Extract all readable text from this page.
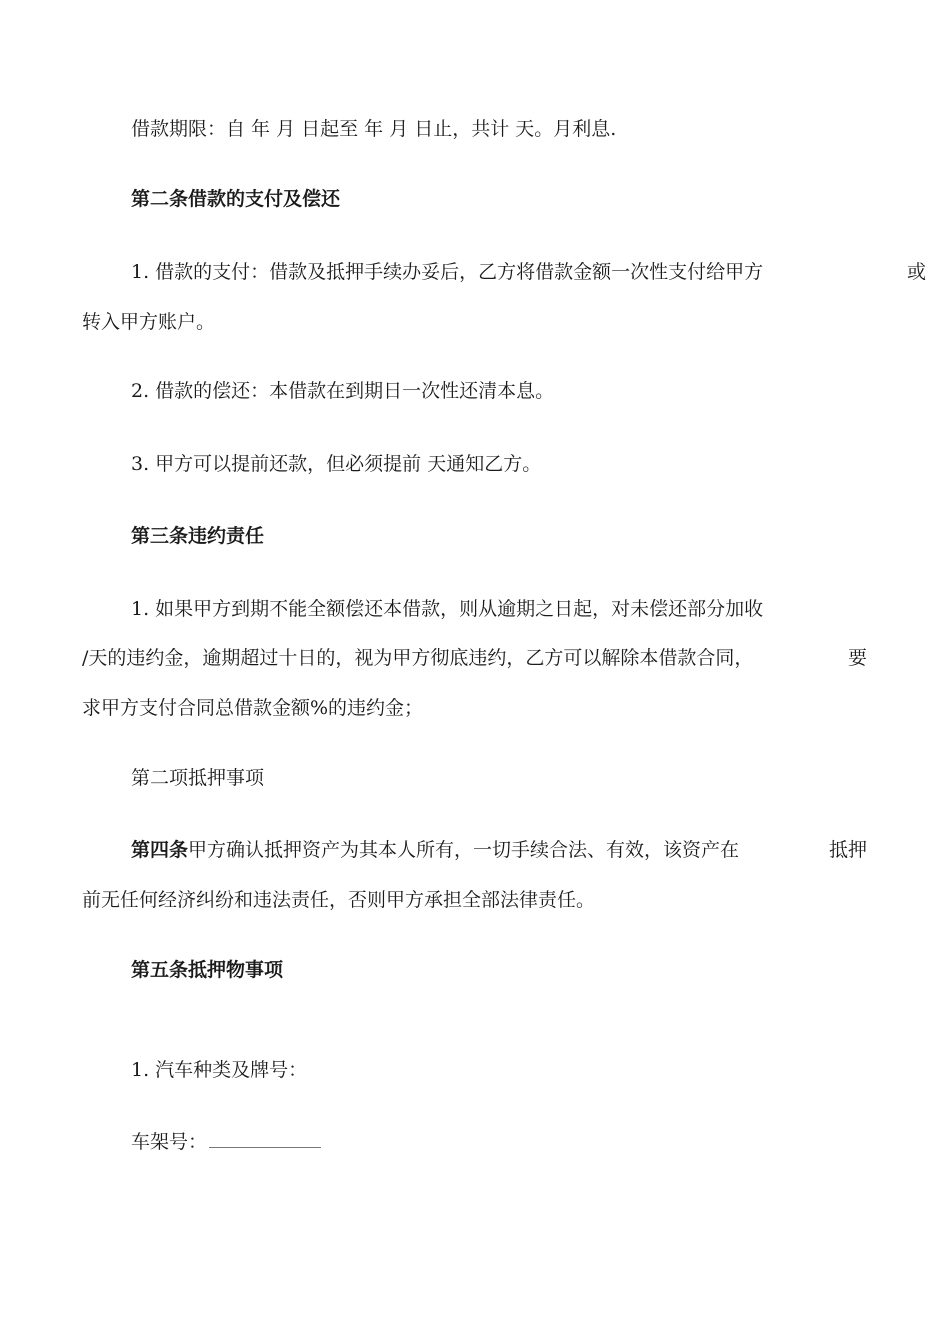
借款期限：自 年 月 日起至 年 月 日止，共计 天。月利息.
第二条借款的支付及偿还
1. 借款的支付：借款及抵押手续办妥后，乙方将借款金额一次性支付给甲方	或
转入甲方账户。
2. 借款的偿还：本借款在到期日一次性还清本息。
3. 甲方可以提前还款，但必须提前 天通知乙方。
第三条违约责任
1. 如果甲方到期不能全额偿还本借款，则从逾期之日起，对未偿还部分加收
/天的违约金，逾期超过十日的，视为甲方彻底违约，乙方可以解除本借款合同，	要
求甲方支付合同总借款金额%的违约金；
第二项抵押事项
第四条甲方确认抵押资产为其本人所有，一切手续合法、有效，该资产在	抵押
前无任何经济纠纷和违法责任，否则甲方承担全部法律责任。
第五条抵押物事项
1. 汽车种类及牌号：
车架号：
